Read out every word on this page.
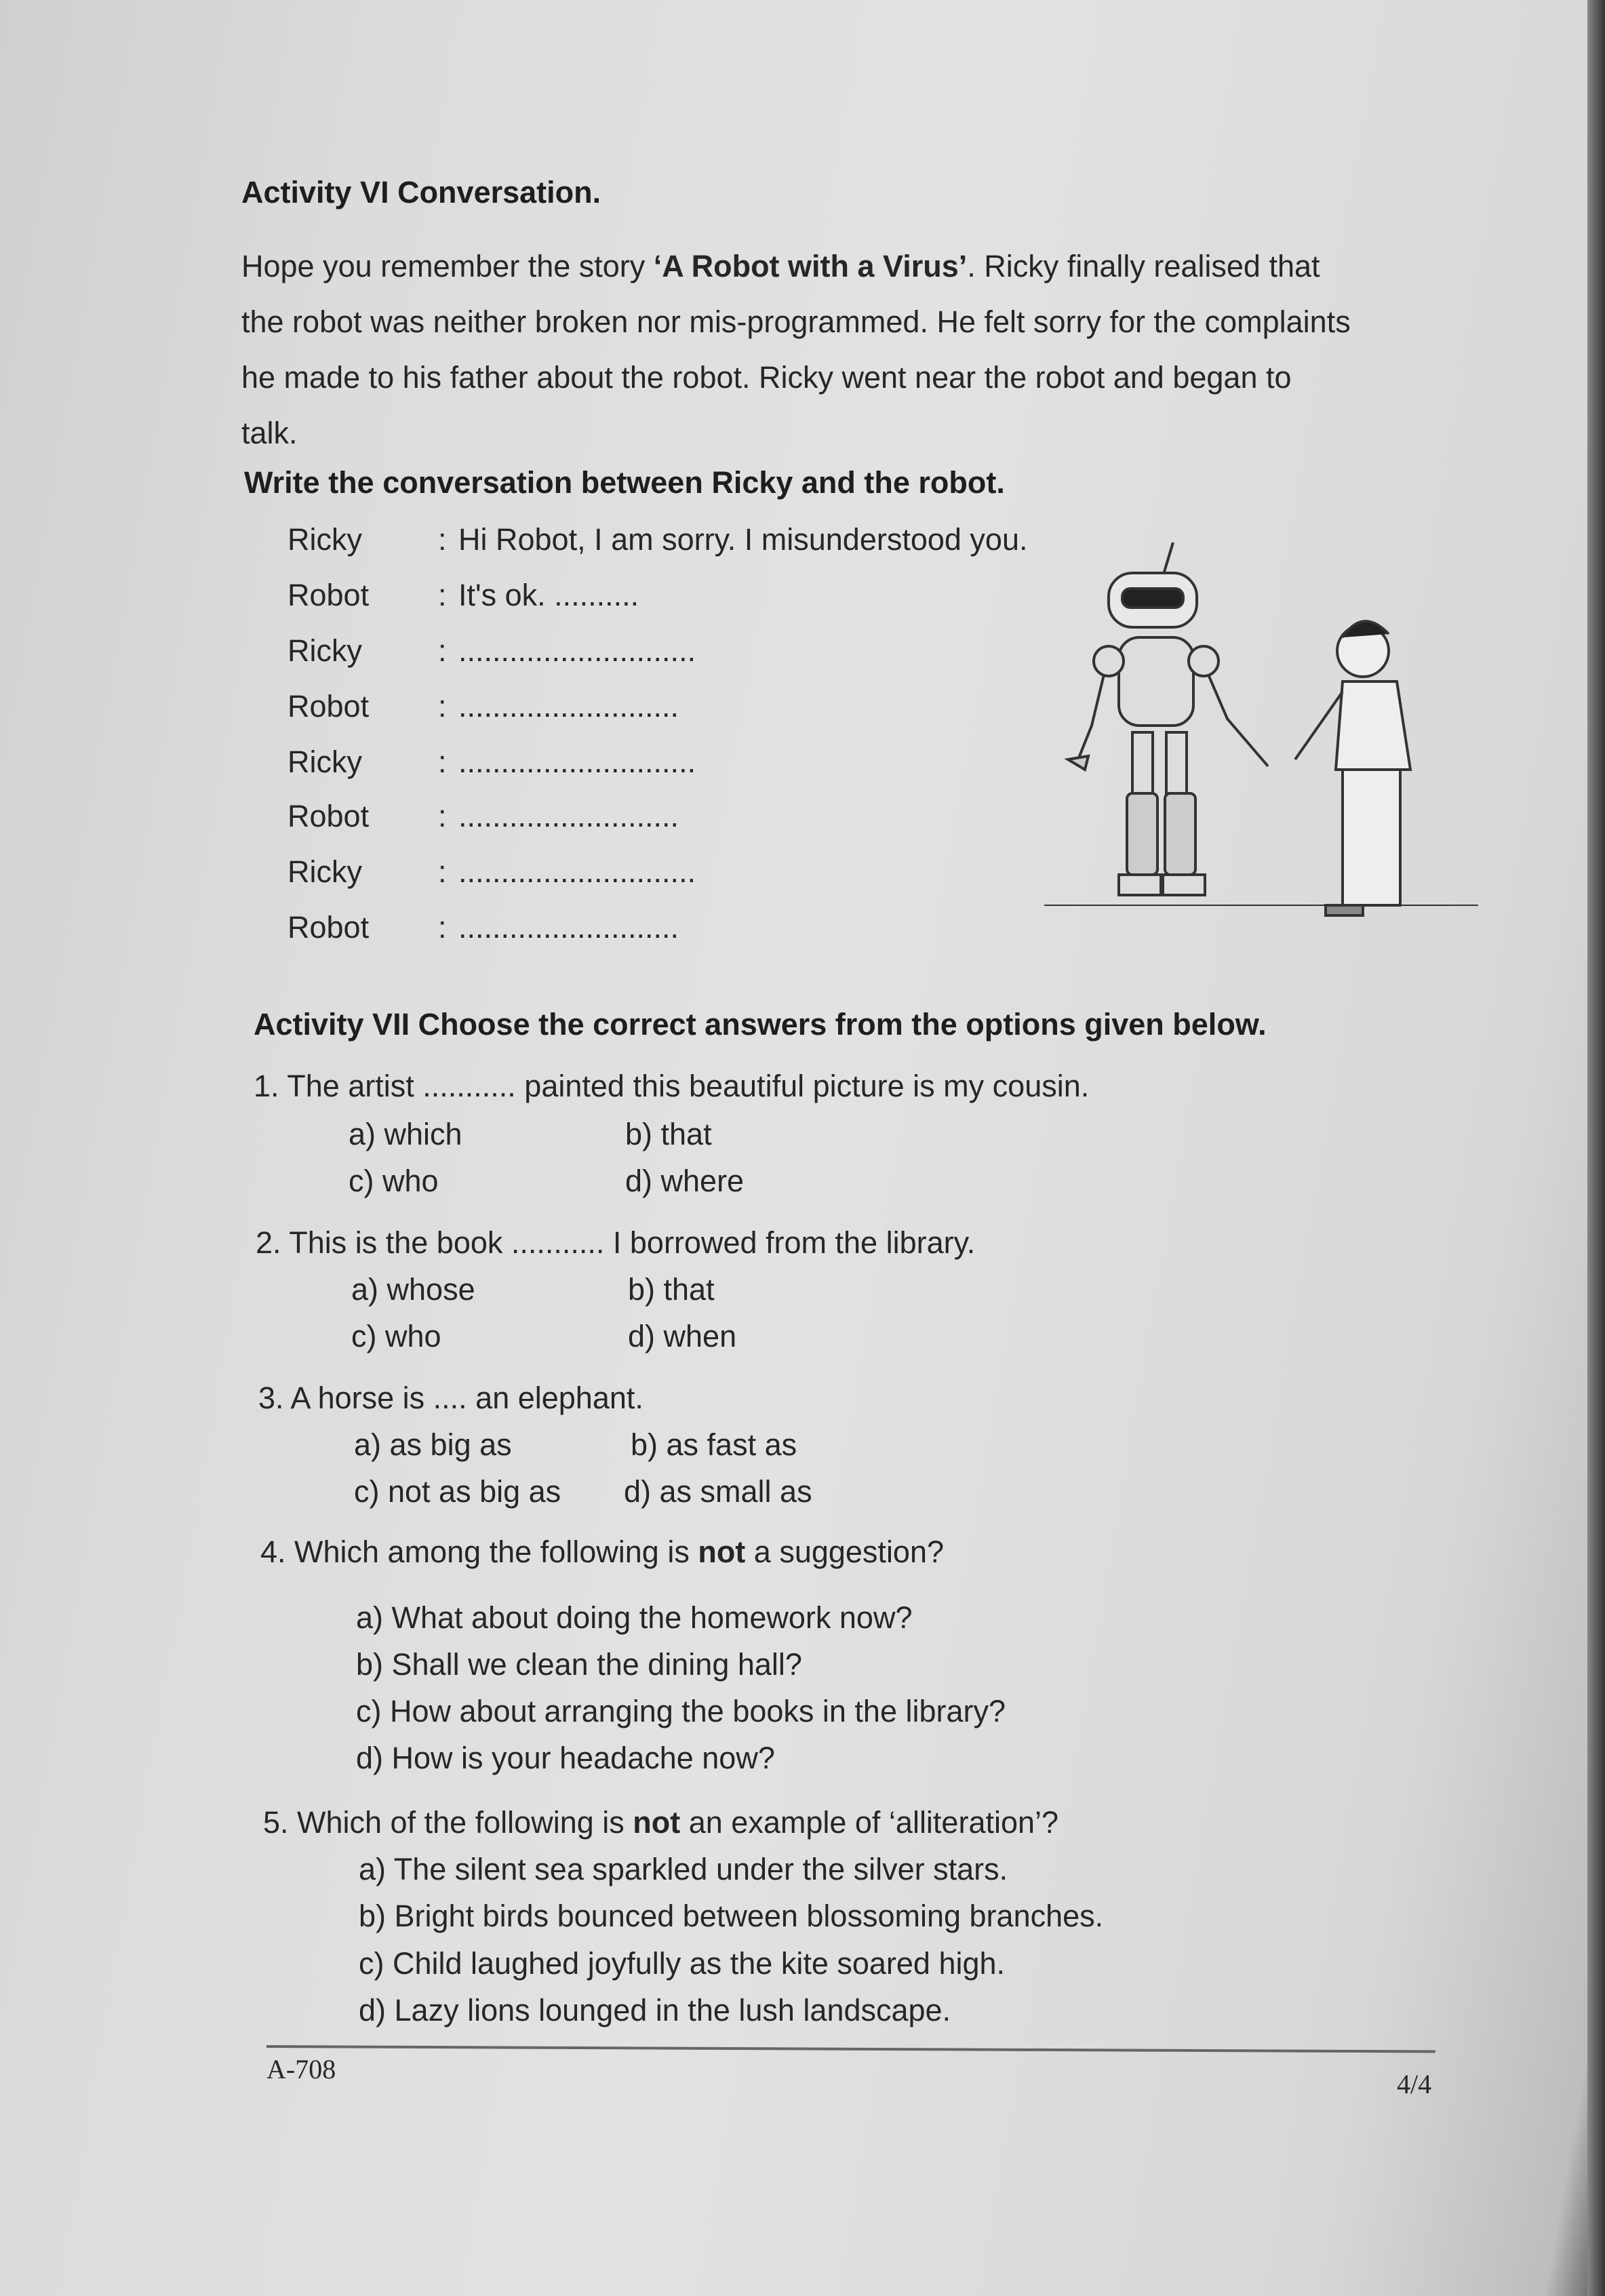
Activity VI Conversation.
Hope you remember the story ‘A Robot with a Virus’. Ricky finally realised that
the robot was neither broken nor mis-programmed. He felt sorry for the complaints
he made to his father about the robot. Ricky went near the robot and began to
talk.
Write the conversation between Ricky and the robot.
Ricky : Hi Robot, I am sorry. I misunderstood you.
Robot : It's ok. ..........
Ricky : ............................
Robot : ..........................
Ricky : ............................
Robot : ..........................
Ricky : ............................
Robot : ..........................
Activity VII Choose the correct answers from the options given below.
1. The artist ........... painted this beautiful picture is my cousin.
a) which	b) that
c) who	d) where
2. This is the book ........... I borrowed from the library.
a) whose	b) that
c) who	d) when
3. A horse is .... an elephant.
a) as big as	b) as fast as
c) not as big as d) as small as
4. Which among the following is not a suggestion?
a) What about doing the homework now?
b) Shall we clean the dining hall?
c) How about arranging the books in the library?
d) How is your headache now?
5. Which of the following is not an example of ‘alliteration’?
a) The silent sea sparkled under the silver stars.
b) Bright birds bounced between blossoming branches.
c) Child laughed joyfully as the kite soared high.
d) Lazy lions lounged in the lush landscape.
A-708	4/4
